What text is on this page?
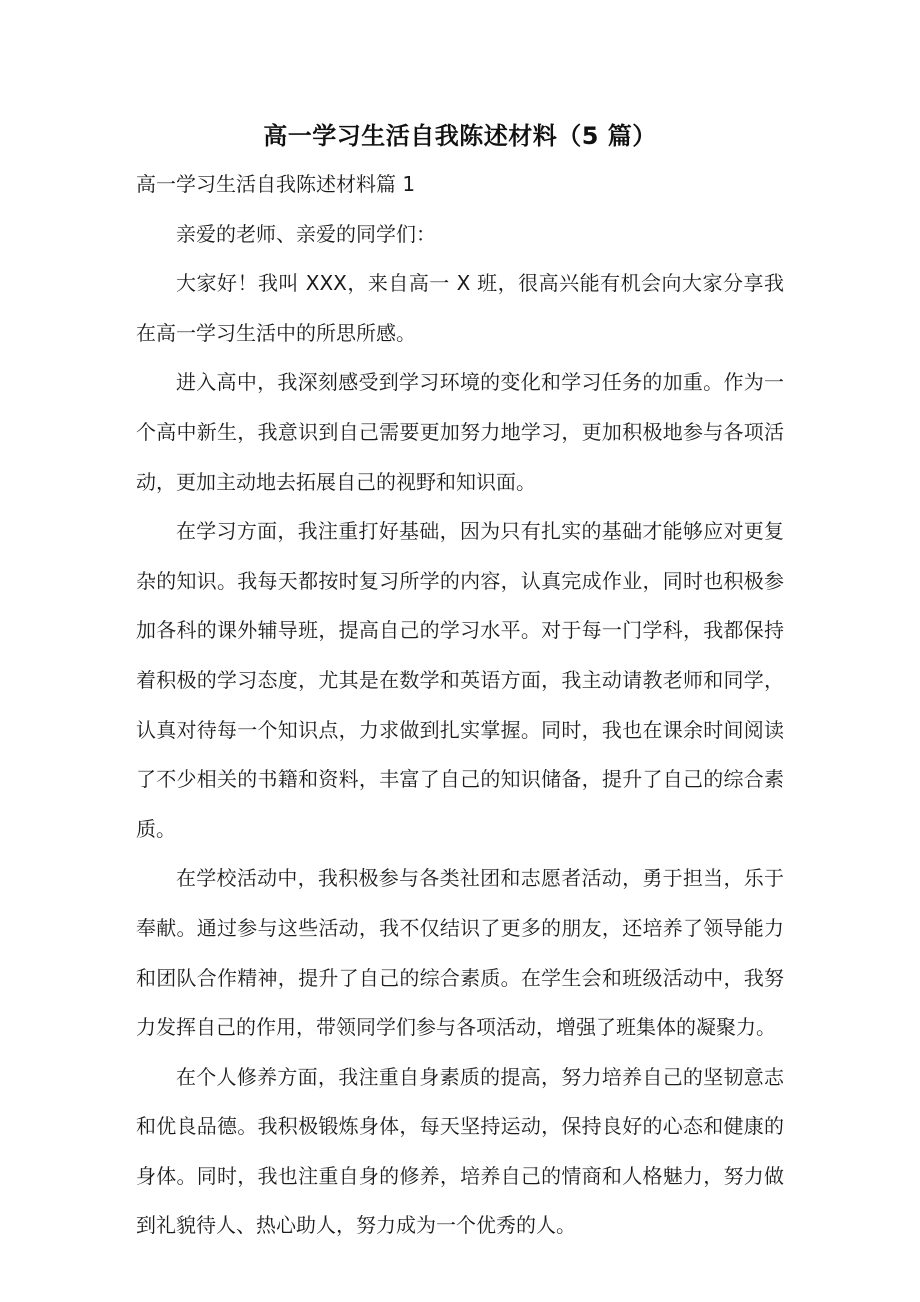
高一学习生活自我陈述材料（5 篇）

高一学习生活自我陈述材料篇 1

亲爱的老师、亲爱的同学们：

大家好！我叫 XXX，来自高一 X 班，很高兴能有机会向大家分享我在高一学习生活中的所思所感。

进入高中，我深刻感受到学习环境的变化和学习任务的加重。作为一个高中新生，我意识到自己需要更加努力地学习，更加积极地参与各项活动，更加主动地去拓展自己的视野和知识面。

在学习方面，我注重打好基础，因为只有扎实的基础才能够应对更复杂的知识。我每天都按时复习所学的内容，认真完成作业，同时也积极参加各科的课外辅导班，提高自己的学习水平。对于每一门学科，我都保持着积极的学习态度，尤其是在数学和英语方面，我主动请教老师和同学，认真对待每一个知识点，力求做到扎实掌握。同时，我也在课余时间阅读了不少相关的书籍和资料，丰富了自己的知识储备，提升了自己的综合素质。

在学校活动中，我积极参与各类社团和志愿者活动，勇于担当，乐于奉献。通过参与这些活动，我不仅结识了更多的朋友，还培养了领导能力和团队合作精神，提升了自己的综合素质。在学生会和班级活动中，我努力发挥自己的作用，带领同学们参与各项活动，增强了班集体的凝聚力。

在个人修养方面，我注重自身素质的提高，努力培养自己的坚韧意志和优良品德。我积极锻炼身体，每天坚持运动，保持良好的心态和健康的身体。同时，我也注重自身的修养，培养自己的情商和人格魅力，努力做到礼貌待人、热心助人，努力成为一个优秀的人。
